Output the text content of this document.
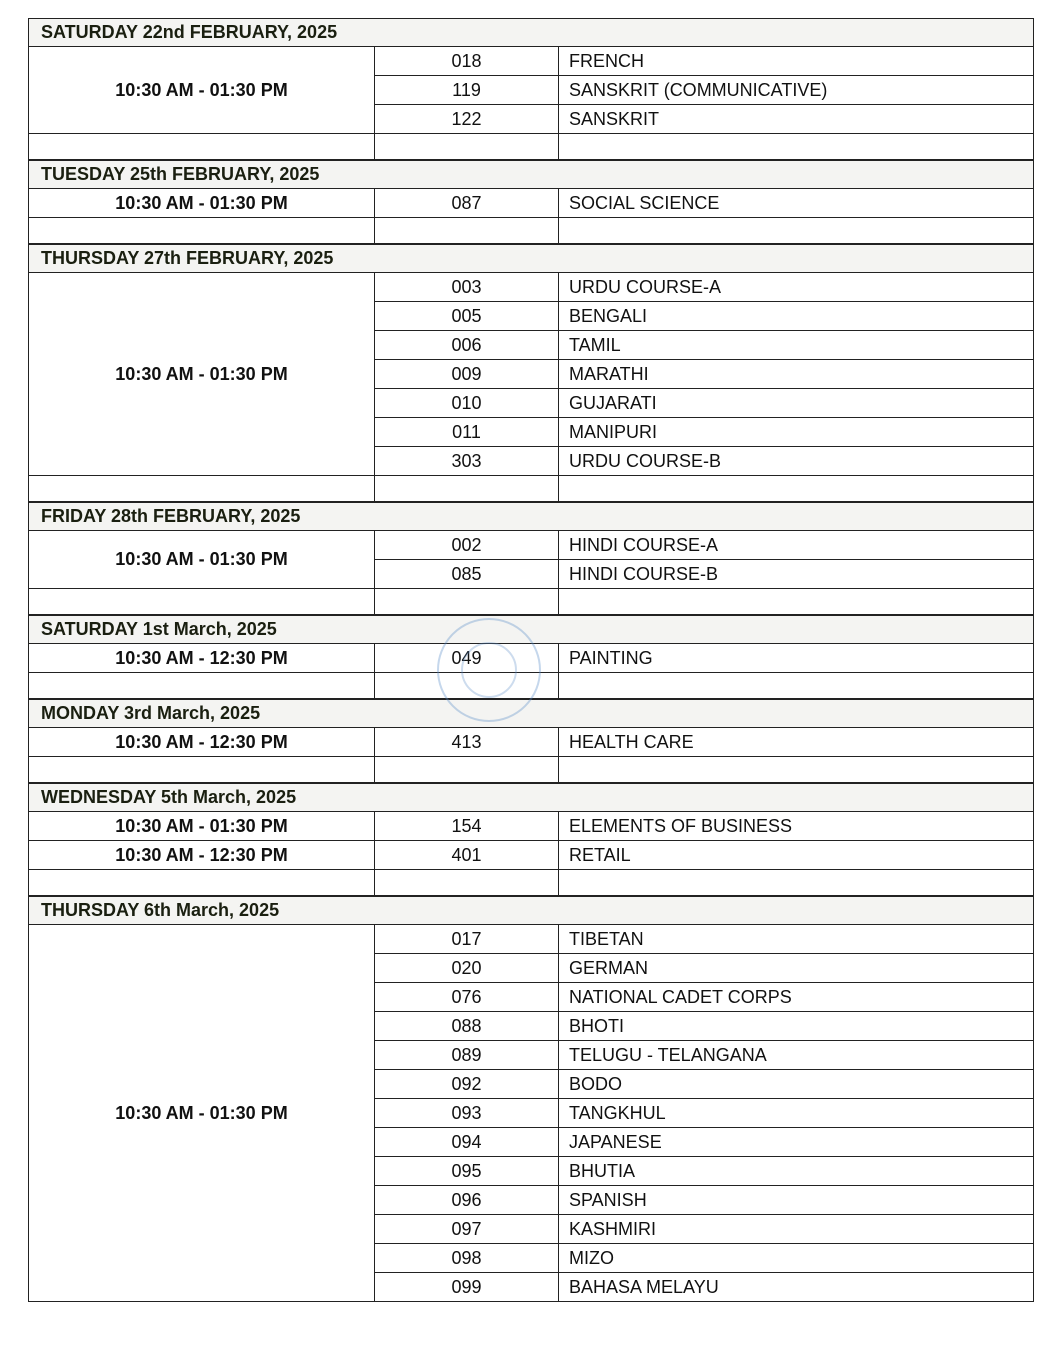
SATURDAY 22nd FEBRUARY, 2025
10:30 AM - 01:30 PM	018	FRENCH
	119	SANSKRIT (COMMUNICATIVE)
	122	SANSKRIT

TUESDAY 25th FEBRUARY, 2025
10:30 AM - 01:30 PM	087	SOCIAL SCIENCE

THURSDAY 27th FEBRUARY, 2025
10:30 AM - 01:30 PM	003	URDU COURSE-A
	005	BENGALI
	006	TAMIL
	009	MARATHI
	010	GUJARATI
	011	MANIPURI
	303	URDU COURSE-B

FRIDAY 28th FEBRUARY, 2025
10:30 AM - 01:30 PM	002	HINDI COURSE-A
	085	HINDI COURSE-B

SATURDAY 1st March, 2025
10:30 AM - 12:30 PM	049	PAINTING

MONDAY 3rd March, 2025
10:30 AM - 12:30 PM	413	HEALTH CARE

WEDNESDAY 5th March, 2025
10:30 AM - 01:30 PM	154	ELEMENTS OF BUSINESS
10:30 AM - 12:30 PM	401	RETAIL

THURSDAY 6th March, 2025
10:30 AM - 01:30 PM	017	TIBETAN
	020	GERMAN
	076	NATIONAL CADET CORPS
	088	BHOTI
	089	TELUGU - TELANGANA
	092	BODO
	093	TANGKHUL
	094	JAPANESE
	095	BHUTIA
	096	SPANISH
	097	KASHMIRI
	098	MIZO
	099	BAHASA MELAYU
